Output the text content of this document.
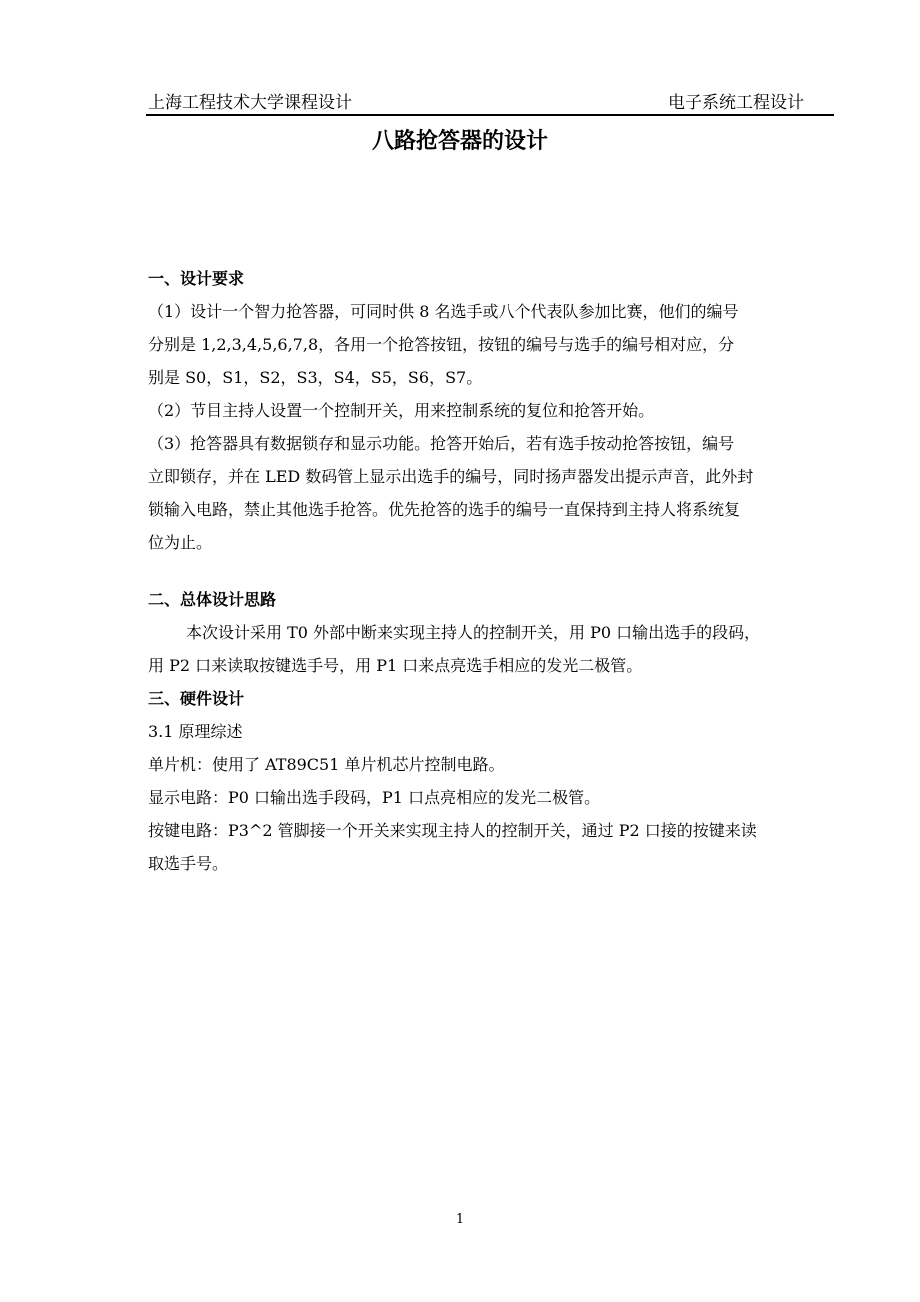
上海工程技术大学课程设计	电子系统工程设计
八路抢答器的设计

一、设计要求

（1）设计一个智力抢答器，可同时供 8 名选手或八个代表队参加比赛，他们的编号

分别是 1,2,3,4,5,6,7,8，各用一个抢答按钮，按钮的编号与选手的编号相对应，分

别是 S0，S1，S2，S3，S4，S5，S6，S7。

（2）节目主持人设置一个控制开关，用来控制系统的复位和抢答开始。

（3）抢答器具有数据锁存和显示功能。抢答开始后，若有选手按动抢答按钮，编号

立即锁存，并在 LED 数码管上显示出选手的编号，同时扬声器发出提示声音，此外封

锁输入电路，禁止其他选手抢答。优先抢答的选手的编号一直保持到主持人将系统复

位为止。

二、总体设计思路

本次设计采用 T0 外部中断来实现主持人的控制开关，用 P0 口输出选手的段码，

用 P2 口来读取按键选手号，用 P1 口来点亮选手相应的发光二极管。

三、硬件设计

3.1 原理综述

单片机：使用了 AT89C51 单片机芯片控制电路。

显示电路：P0 口输出选手段码，P1 口点亮相应的发光二极管。

按键电路：P3^2 管脚接一个开关来实现主持人的控制开关，通过 P2 口接的按键来读

取选手号。

1
